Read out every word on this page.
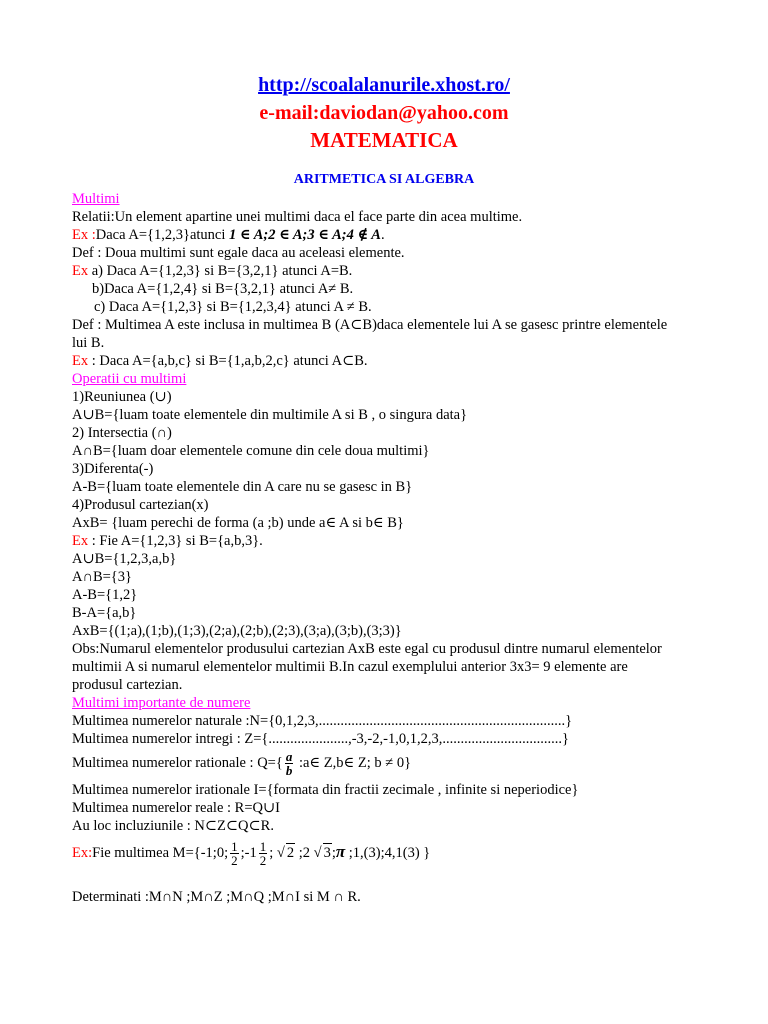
http://scoalalanurile.xhost.ro/
e-mail:daviodan@yahoo.com
MATEMATICA
ARITMETICA SI ALGEBRA
Multimi
Relatii:Un element apartine unei multimi daca el face parte din acea multime.
Ex :Daca A={1,2,3}atunci 1 ∈ A;2 ∈ A;3 ∈ A;4 ∉ A.
Def : Doua multimi sunt egale daca au aceleasi elemente.
Ex a) Daca A={1,2,3} si B={3,2,1} atunci A=B.
b)Daca A={1,2,4} si B={3,2,1} atunci A≠ B.
c) Daca A={1,2,3} si B={1,2,3,4} atunci A ≠ B.
Def : Multimea A este inclusa in multimea B (A⊂B)daca elementele lui A se gasesc printre elementele
lui B.
Ex : Daca A={a,b,c} si B={1,a,b,2,c} atunci A⊂B.
Operatii cu multimi
1)Reuniunea (∪)
A∪B={luam toate elementele din multimile A si B , o singura data}
2) Intersectia (∩)
A∩B={luam doar elementele comune din cele doua multimi}
3)Diferenta(-)
A-B={luam toate elementele din A care nu se gasesc in B}
4)Produsul cartezian(x)
AxB= {luam perechi de forma (a ;b) unde a∈ A si b∈ B}
Ex : Fie A={1,2,3} si B={a,b,3}.
A∪B={1,2,3,a,b}
A∩B={3}
A-B={1,2}
B-A={a,b}
AxB={(1;a),(1;b),(1;3),(2;a),(2;b),(2;3),(3;a),(3;b),(3;3)}
Obs:Numarul elementelor produsului cartezian AxB este egal cu produsul dintre numarul elementelor
multimii A si numarul elementelor multimii B.In cazul exemplului anterior 3x3= 9 elemente are
produsul cartezian.
Multimi importante de numere
Multimea numerelor naturale :N={0,1,2,3,....................................................................}
Multimea numerelor intregi : Z={......................,-3,-2,-1,0,1,2,3,.................................}
Multimea numerelor rationale : $Q=\{ \frac{a}{b}$ :a∈ Z,b∈ Z; b ≠ 0}
Multimea numerelor irationale I={formata din fractii zecimale , infinite si neperiodice}
Multimea numerelor reale : R=Q∪I
Au loc incluziunile : N⊂Z⊂Q⊂R.
Ex:Fie multimea M={-1;0; $\frac{1}{2}$ ;-1 $\frac{1}{2}$ ; √ 2 ;2 √ 3;π ;1,(3);4,1(3) }
Determinati :M∩N ;M∩Z ;M∩Q ;M∩I si M ∩ R.
